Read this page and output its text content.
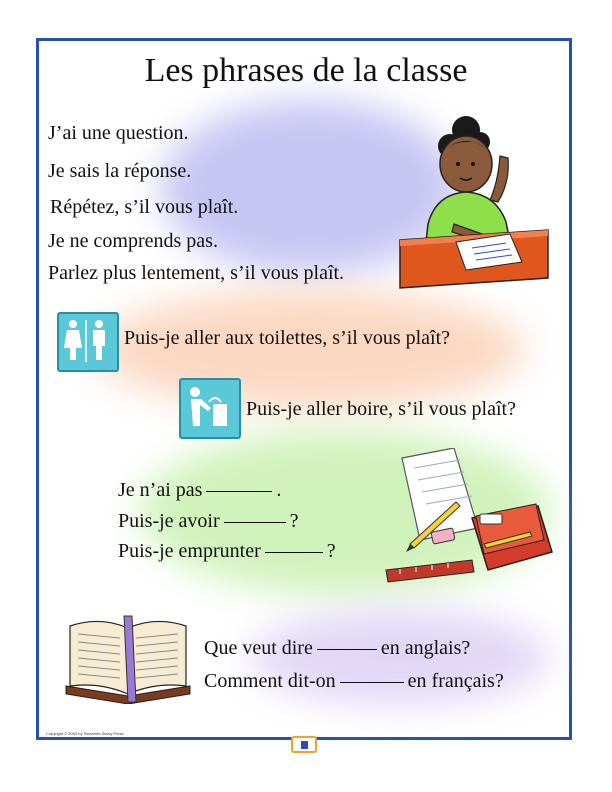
Les phrases de la classe
J’ai une question.
Je sais la réponse.
Répétez, s’il vous plaît.
Je ne comprends pas.
Parlez plus lentement, s’il vous plaît.
Puis-je aller aux toilettes, s’il vous plaît?
Puis-je aller boire, s’il vous plaît?
Je n’ai pas	.
Puis-je avoir	?
Puis-je emprunter	?
Que veut dire	en anglais?
Comment dit-on	en français?
Copyright © 2002 by Scovered Starry Press
